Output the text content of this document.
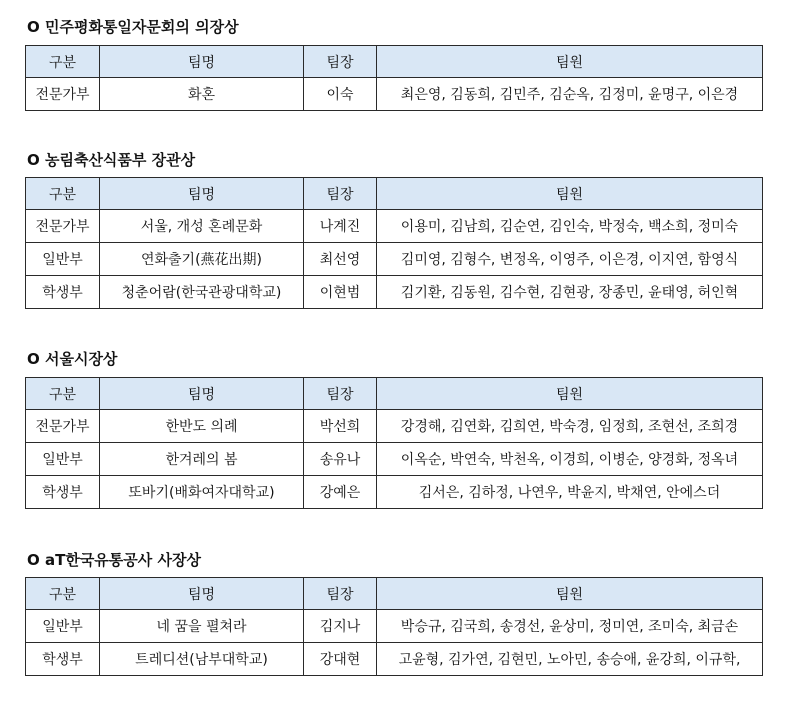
O 민주평화통일자문회의 의장상
구분	팀명	팀장	팀원
전문가부	화혼	이숙	최은영, 김동희, 김민주, 김순옥, 김정미, 윤명구, 이은경
O 농림축산식품부 장관상
구분	팀명	팀장	팀원
전문가부	서울, 개성 혼례문화	나계진	이용미, 김남희, 김순연, 김인숙, 박정숙, 백소희, 정미숙
일반부	연화출기(燕花出期)	최선영	김미영, 김형수, 변정옥, 이영주, 이은경, 이지연, 함영식
학생부	청춘어람(한국관광대학교)	이현범	김기환, 김동원, 김수현, 김현광, 장종민, 윤태영, 허인혁
O 서울시장상
구분	팀명	팀장	팀원
전문가부	한반도 의례	박선희	강경해, 김연화, 김희연, 박숙경, 임정희, 조현선, 조희경
일반부	한겨레의 봄	송유나	이옥순, 박연숙, 박천옥, 이경희, 이병순, 양경화, 정옥녀
학생부	또바기(배화여자대학교)	강예은	김서은, 김하정, 나연우, 박윤지, 박채연, 안에스더
O aT한국유통공사 사장상
구분	팀명	팀장	팀원
일반부	네 꿈을 펼쳐라	김지나	박승규, 김국희, 송경선, 윤상미, 정미연, 조미숙, 최금손
학생부	트레디션(남부대학교)	강대현	고윤형, 김가연, 김현민, 노아민, 송승애, 윤강희, 이규학,
